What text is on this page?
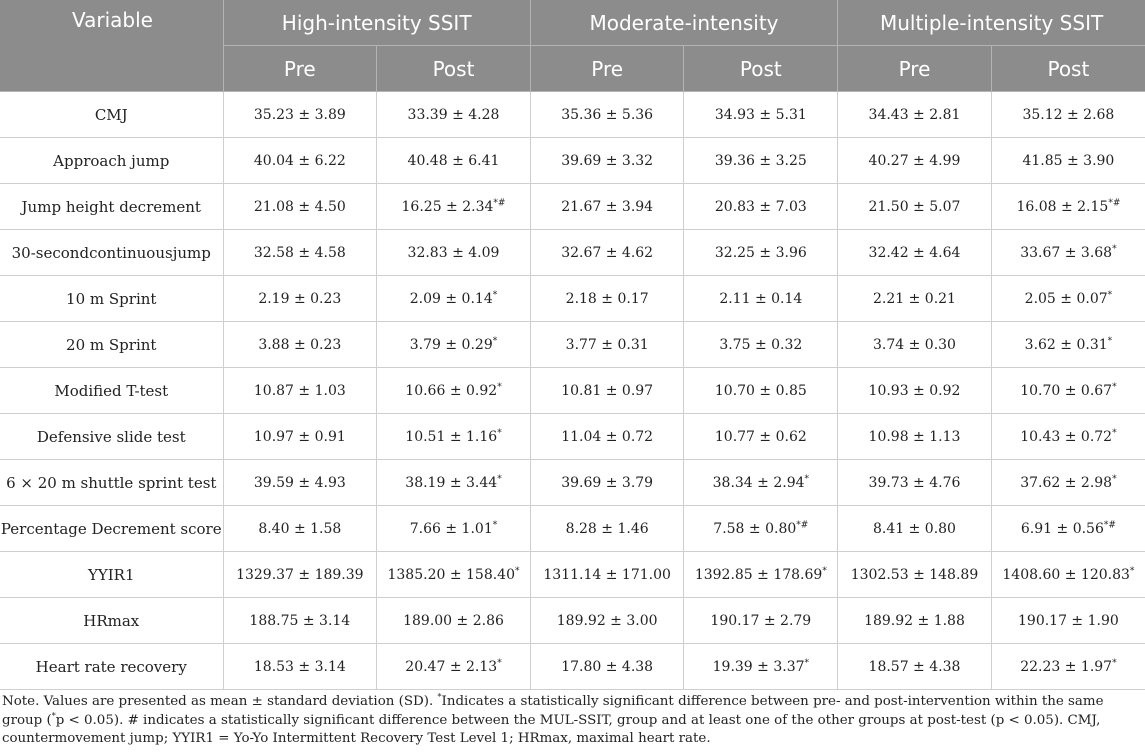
Variable	High-intensity SSIT		Moderate-intensity		Multiple-intensity SSIT	
	Pre	Post	Pre	Post	Pre	Post
CMJ	35.23 ± 3.89	33.39 ± 4.28	35.36 ± 5.36	34.93 ± 5.31	34.43 ± 2.81	35.12 ± 2.68
Approach jump	40.04 ± 6.22	40.48 ± 6.41	39.69 ± 3.32	39.36 ± 3.25	40.27 ± 4.99	41.85 ± 3.90
Jump height decrement	21.08 ± 4.50	16.25 ± 2.34*#	21.67 ± 3.94	20.83 ± 7.03	21.50 ± 5.07	16.08 ± 2.15*#
30-secondcontinuousjump	32.58 ± 4.58	32.83 ± 4.09	32.67 ± 4.62	32.25 ± 3.96	32.42 ± 4.64	33.67 ± 3.68*
10 m Sprint	2.19 ± 0.23	2.09 ± 0.14*	2.18 ± 0.17	2.11 ± 0.14	2.21 ± 0.21	2.05 ± 0.07*
20 m Sprint	3.88 ± 0.23	3.79 ± 0.29*	3.77 ± 0.31	3.75 ± 0.32	3.74 ± 0.30	3.62 ± 0.31*
Modified T-test	10.87 ± 1.03	10.66 ± 0.92*	10.81 ± 0.97	10.70 ± 0.85	10.93 ± 0.92	10.70 ± 0.67*
Defensive slide test	10.97 ± 0.91	10.51 ± 1.16*	11.04 ± 0.72	10.77 ± 0.62	10.98 ± 1.13	10.43 ± 0.72*
6 × 20 m shuttle sprint test	39.59 ± 4.93	38.19 ± 3.44*	39.69 ± 3.79	38.34 ± 2.94*	39.73 ± 4.76	37.62 ± 2.98*
Percentage Decrement score	8.40 ± 1.58	7.66 ± 1.01*	8.28 ± 1.46	7.58 ± 0.80*#	8.41 ± 0.80	6.91 ± 0.56*#
YYIR1	1329.37 ± 189.39	1385.20 ± 158.40*	1311.14 ± 171.00	1392.85 ± 178.69*	1302.53 ± 148.89	1408.60 ± 120.83*
HRmax	188.75 ± 3.14	189.00 ± 2.86	189.92 ± 3.00	190.17 ± 2.79	189.92 ± 1.88	190.17 ± 1.90
Heart rate recovery	18.53 ± 3.14	20.47 ± 2.13*	17.80 ± 4.38	19.39 ± 3.37*	18.57 ± 4.38	22.23 ± 1.97*

Note. Values are presented as mean ± standard deviation (SD). *Indicates a statistically significant difference between pre- and post-intervention within the same group (*p < 0.05). # indicates a statistically significant difference between the MUL-SSIT, group and at least one of the other groups at post-test (p < 0.05). CMJ, countermovement jump; YYIR1 = Yo-Yo Intermittent Recovery Test Level 1; HRmax, maximal heart rate.
